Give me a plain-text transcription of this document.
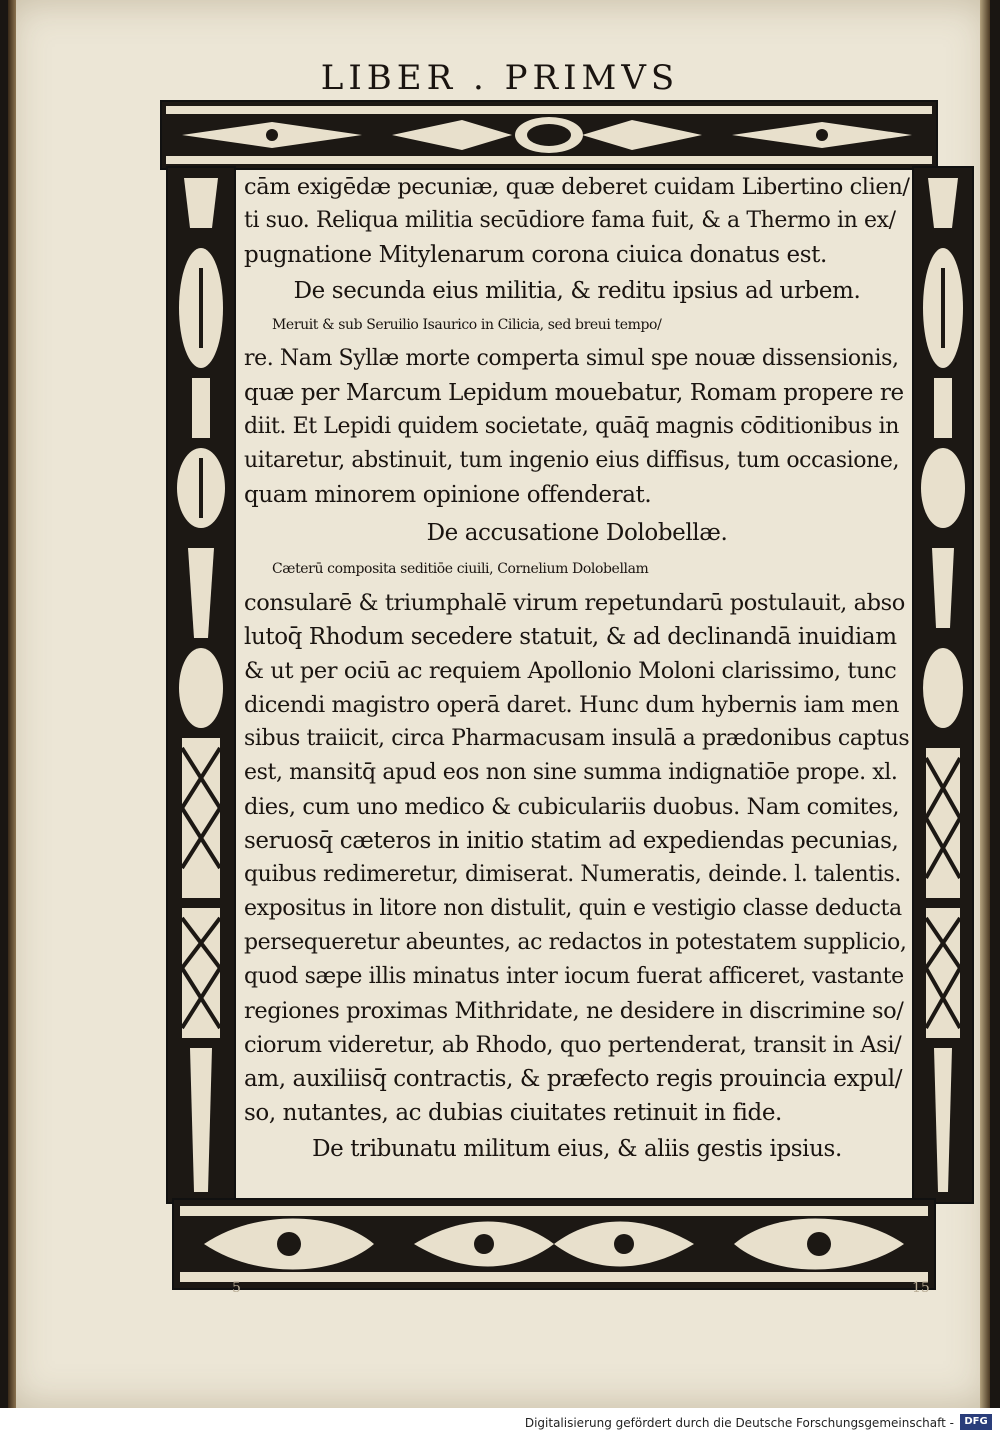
LIBER . PRIMVS
cām exigēdæ pecuniæ, quæ deberet cuidam Libertino clien/
ti suo. Reliqua militia secūdiore fama fuit, & a Thermo in ex/
pugnatione Mitylenarum corona ciuica donatus est.
De secunda eius militia, & reditu ipsius ad urbem.
Meruit & sub Seruilio Isaurico in Cilicia, sed breui tempo/
re. Nam Syllæ morte comperta simul spe nouæ dissensionis,
quæ per Marcum Lepidum mouebatur, Romam propere re
diit. Et Lepidi quidem societate, quāq̄ magnis cōditionibus in
uitaretur, abstinuit, tum ingenio eius diffisus, tum occasione,
quam minorem opinione offenderat.
De accusatione Dolobellæ.
Cæterū composita seditiōe ciuili, Cornelium Dolobellam
consularē & triumphalē virum repetundarū postulauit, abso
lutoq̄ Rhodum secedere statuit, & ad declinandā inuidiam
& ut per ociū ac requiem Apollonio Moloni clarissimo, tunc
dicendi magistro operā daret. Hunc dum hybernis iam men
sibus traiicit, circa Pharmacusam insulā a prædonibus captus
est, mansitq̄ apud eos non sine summa indignatiōe prope. xl.
dies, cum uno medico & cubiculariis duobus. Nam comites,
seruosq̄ cæteros in initio statim ad expediendas pecunias,
quibus redimeretur, dimiserat. Numeratis, deinde. l. talentis.
expositus in litore non distulit, quin e vestigio classe deducta
persequeretur abeuntes, ac redactos in potestatem supplicio,
quod sæpe illis minatus inter iocum fuerat afficeret, vastante
regiones proximas Mithridate, ne desidere in discrimine so/
ciorum videretur, ab Rhodo, quo pertenderat, transit in Asi/
am, auxiliisq̄ contractis, & præfecto regis prouincia expul/
so, nutantes, ac dubias ciuitates retinuit in fide.
De tribunatu militum eius, & aliis gestis ipsius.
5	15
Digitalisierung gefördert durch die Deutsche Forschungsgemeinschaft -	DFG
